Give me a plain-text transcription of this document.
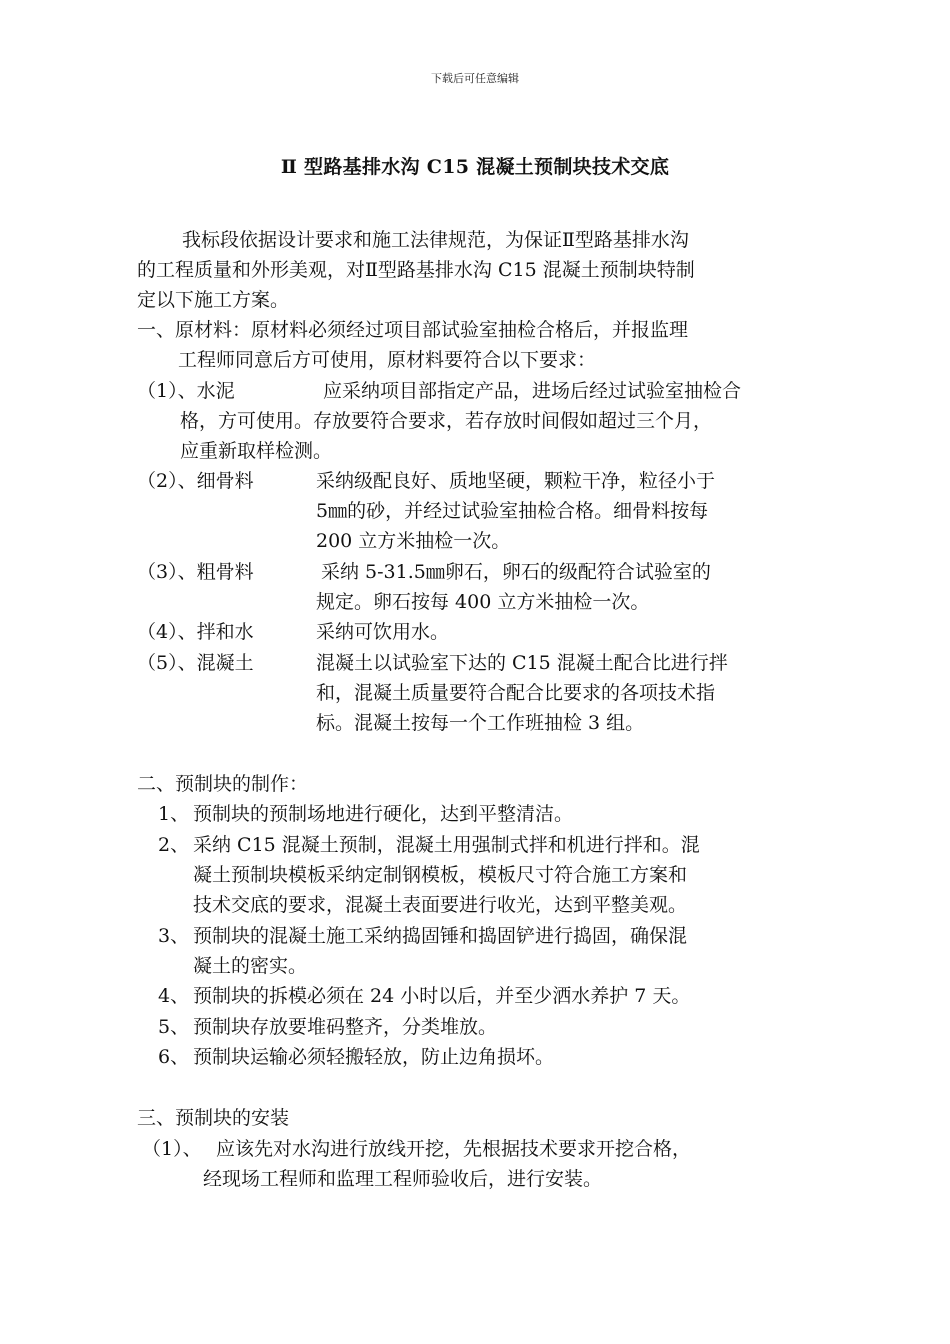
下载后可任意编辑
Ⅱ 型路基排水沟 C15 混凝土预制块技术交底
我标段依据设计要求和施工法律规范，为保证Ⅱ型路基排水沟
的工程质量和外形美观，对Ⅱ型路基排水沟 C15 混凝土预制块特制
定以下施工方案。
一、原材料：原材料必须经过项目部试验室抽检合格后，并报监理
工程师同意后方可使用，原材料要符合以下要求：
（1）、水泥	应采纳项目部指定产品，进场后经过试验室抽检合
格，方可使用。存放要符合要求，若存放时间假如超过三个月，
应重新取样检测。
（2）、细骨料	采纳级配良好、质地坚硬，颗粒干净，粒径小于
5㎜的砂，并经过试验室抽检合格。细骨料按每
200 立方米抽检一次。
（3）、粗骨料	采纳 5-31.5㎜卵石，卵石的级配符合试验室的
规定。卵石按每 400 立方米抽检一次。
（4）、拌和水	采纳可饮用水。
（5）、混凝土	混凝土以试验室下达的 C15 混凝土配合比进行拌
和，混凝土质量要符合配合比要求的各项技术指
标。混凝土按每一个工作班抽检 3 组。
二、预制块的制作：
1、 预制块的预制场地进行硬化，达到平整清洁。
2、 采纳 C15 混凝土预制，混凝土用强制式拌和机进行拌和。混
凝土预制块模板采纳定制钢模板，模板尺寸符合施工方案和
技术交底的要求，混凝土表面要进行收光，达到平整美观。
3、 预制块的混凝土施工采纳捣固锤和捣固铲进行捣固，确保混
凝土的密实。
4、 预制块的拆模必须在 24 小时以后，并至少洒水养护 7 天。
5、 预制块存放要堆码整齐，分类堆放。
6、 预制块运输必须轻搬轻放，防止边角损坏。
三、预制块的安装
（1）、 应该先对水沟进行放线开挖，先根据技术要求开挖合格，
经现场工程师和监理工程师验收后，进行安装。
